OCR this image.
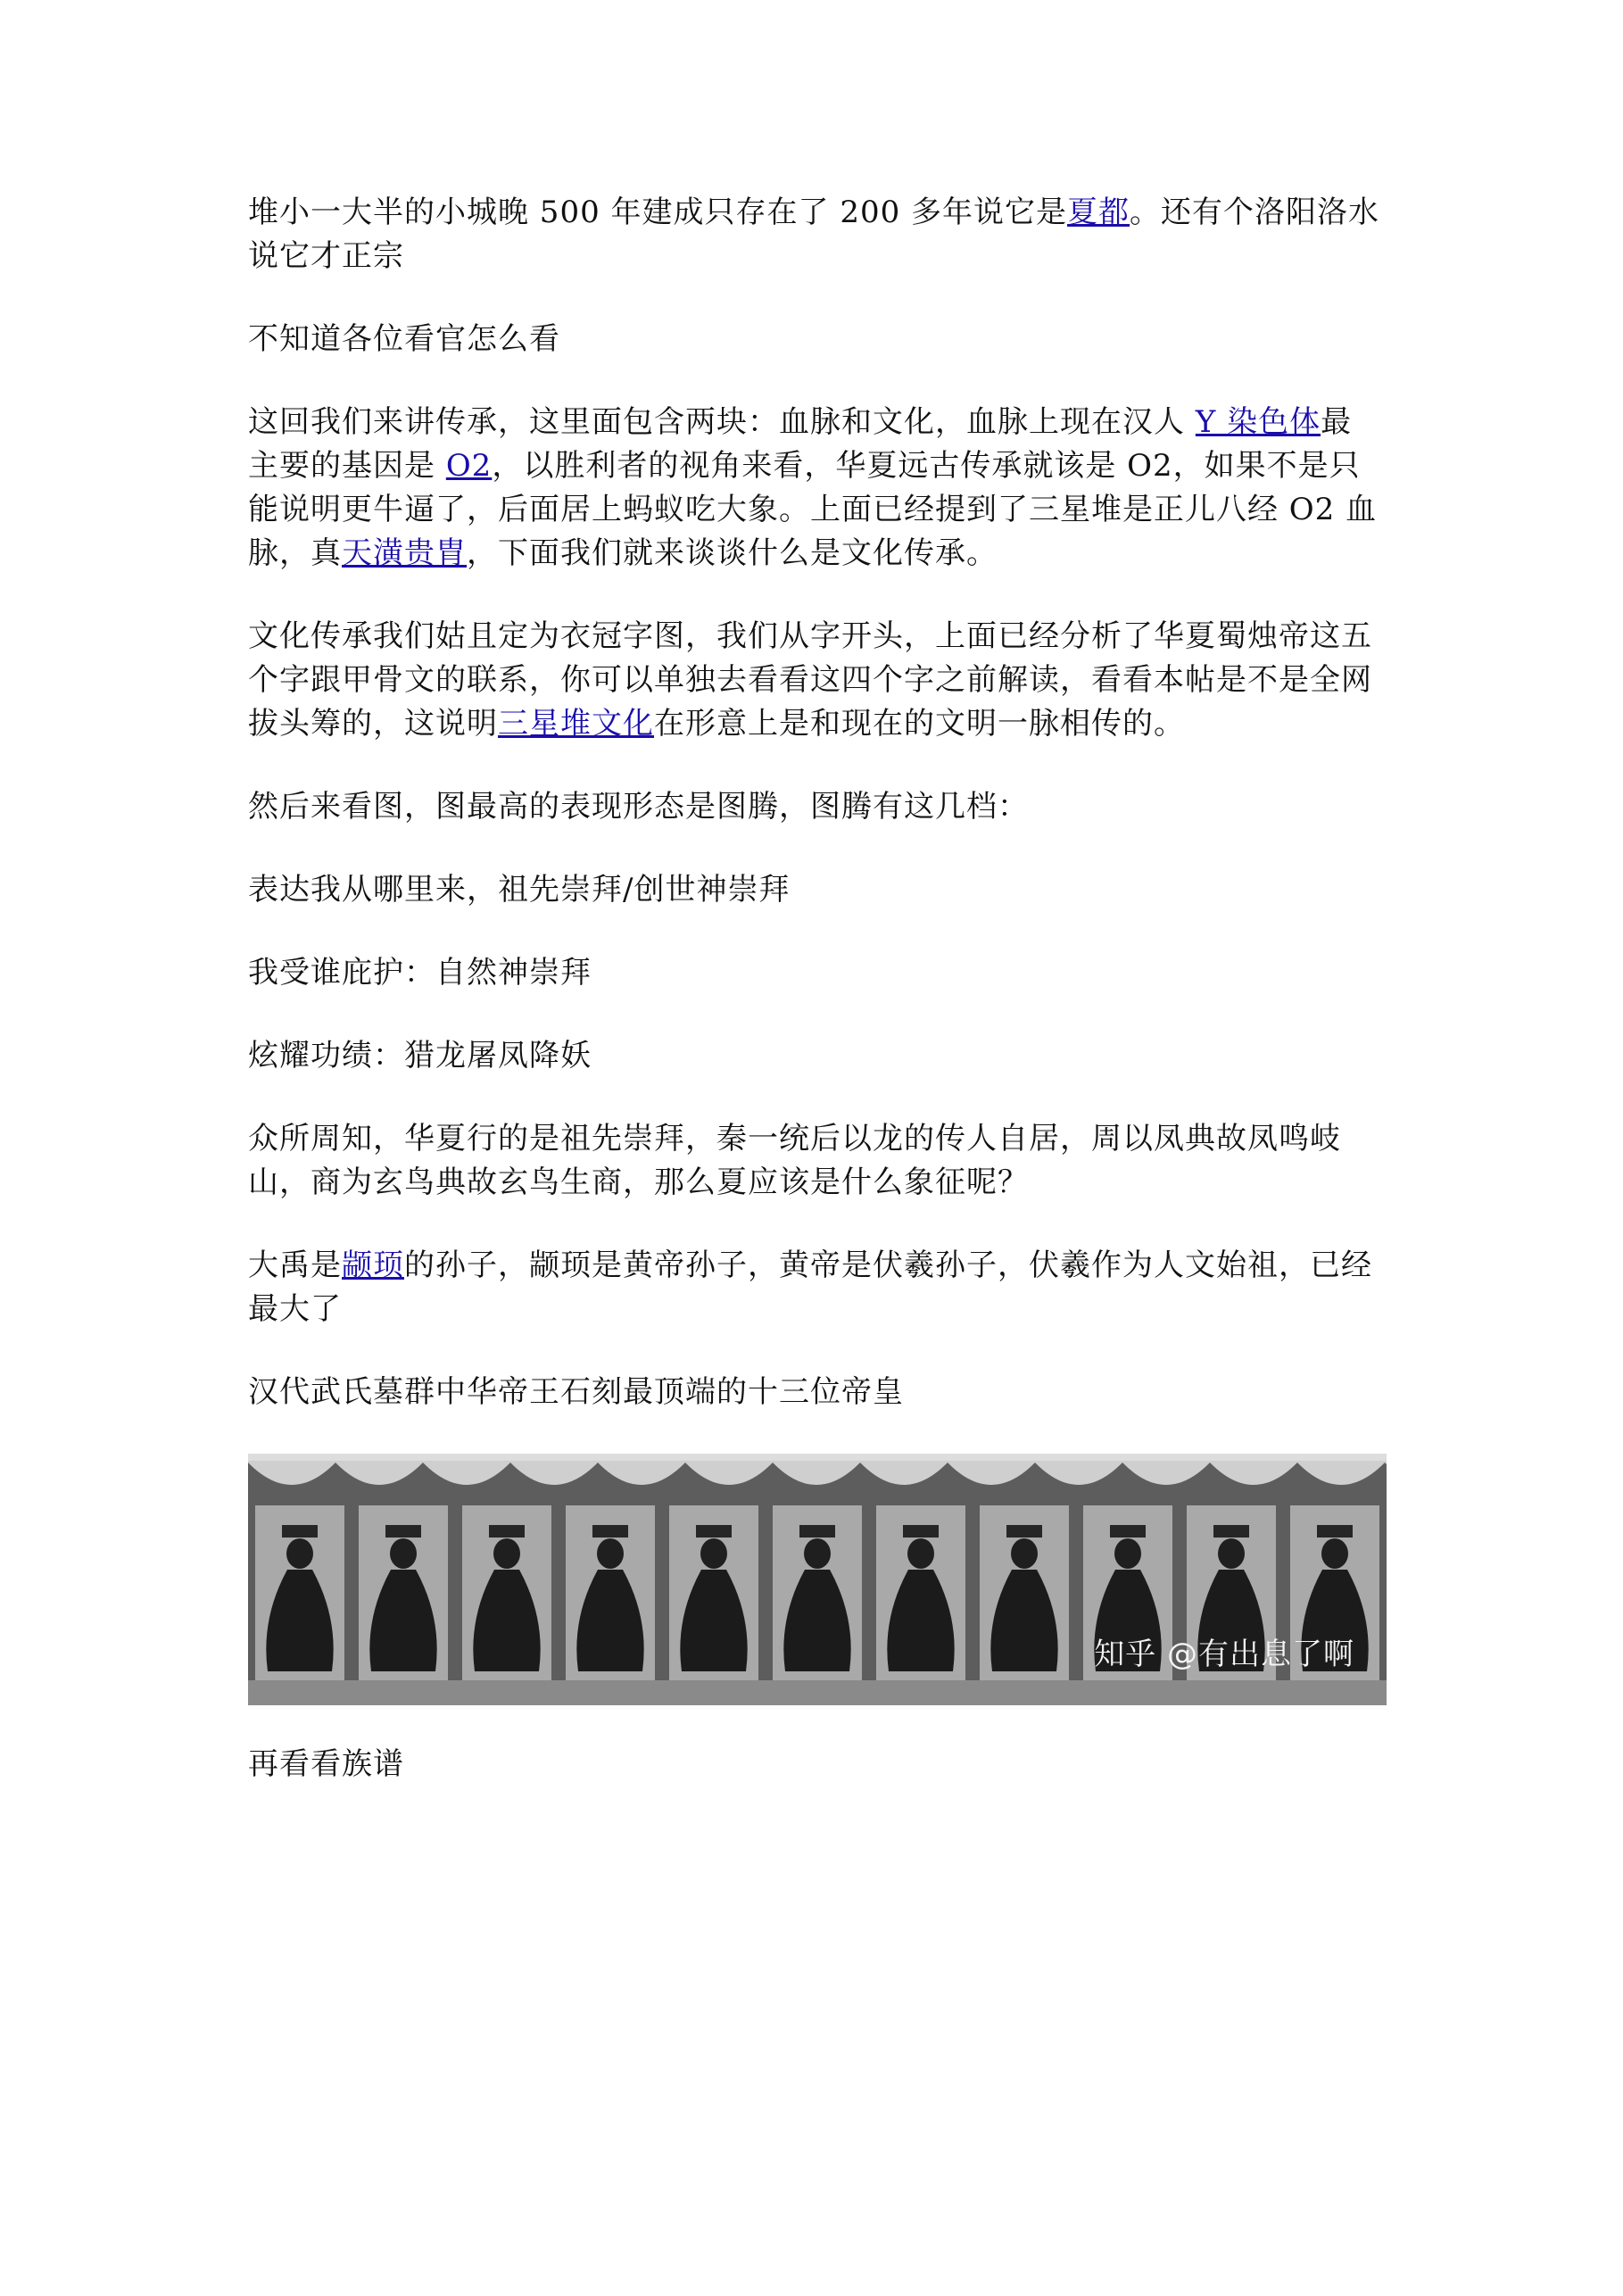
堆小一大半的小城晚 500 年建成只存在了 200 多年说它是夏都。还有个洛阳洛水说它才正宗

不知道各位看官怎么看

这回我们来讲传承，这里面包含两块：血脉和文化，血脉上现在汉人 Y 染色体最主要的基因是 O2，以胜利者的视角来看，华夏远古传承就该是 O2，如果不是只能说明更牛逼了，后面居上蚂蚁吃大象。上面已经提到了三星堆是正儿八经 O2 血脉，真天潢贵胄，下面我们就来谈谈什么是文化传承。

文化传承我们姑且定为衣冠字图，我们从字开头，上面已经分析了华夏蜀烛帝这五个字跟甲骨文的联系，你可以单独去看看这四个字之前解读，看看本帖是不是全网拔头筹的，这说明三星堆文化在形意上是和现在的文明一脉相传的。

然后来看图，图最高的表现形态是图腾，图腾有这几档：

表达我从哪里来，祖先崇拜/创世神崇拜

我受谁庇护：自然神崇拜

炫耀功绩：猎龙屠凤降妖

众所周知，华夏行的是祖先崇拜，秦一统后以龙的传人自居，周以凤典故凤鸣岐山，商为玄鸟典故玄鸟生商，那么夏应该是什么象征呢？

大禹是颛顼的孙子，颛顼是黄帝孙子，黄帝是伏羲孙子，伏羲作为人文始祖，已经最大了

汉代武氏墓群中华帝王石刻最顶端的十三位帝皇

知乎 @有出息了啊

再看看族谱
